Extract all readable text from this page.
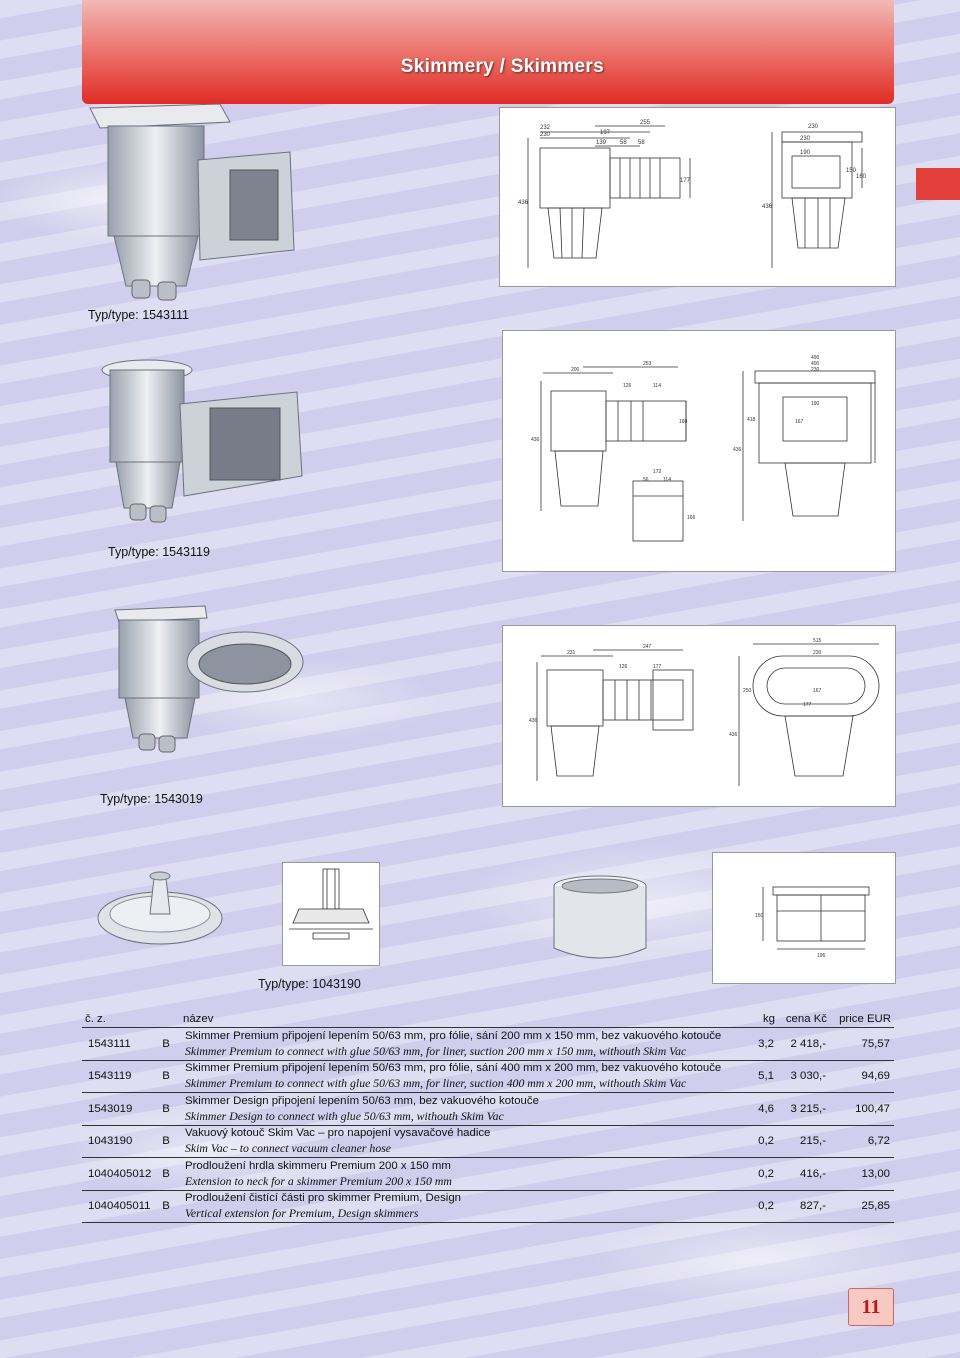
Skimmery / Skimmers
Typ/type: 1543111
232
230
255
197
139 58 58
436
177
230
230
190
150
160
436
Typ/type: 1543119
200
253
126	114
436
160
172
56	114
166
490
400
230
190
167
418
436
Typ/type: 1543019
231
247
126	177
436
515
230
167
250
177
436
150
196
Typ/type: 1043190
č. z.	název	kg cena Kč	price EUR
1543111	B
Skimmer Premium připojení lepením 50/63 mm, pro fólie, sání 200 mm x 150 mm, bez vakuového kotouče
Skimmer Premium to connect with glue 50/63 mm, for liner, suction 200 mm x 150 mm, withouth Skim Vac	3,2	2 418,-	75,57
1543119	B
Skimmer Premium připojení lepením 50/63 mm, pro fólie, sání 400 mm x 200 mm, bez vakuového kotouče
Skimmer Premium to connect with glue 50/63 mm, for liner, suction 400 mm x 200 mm, withouth Skim Vac	5,1	3 030,-	94,69
1543019	B
Skimmer Design připojení lepením 50/63 mm, bez vakuového kotouče
Skimmer Design to connect with glue 50/63 mm, withouth Skim Vac	4,6	3 215,-	100,47
1043190	B
Vakuový kotouč Skim Vac – pro napojení vysavačové hadice
Skim Vac – to connect vacuum cleaner hose	0,2	215,-	6,72
1040405012 B
Prodloužení hrdla skimmeru Premium 200 x 150 mm
Extension to neck for a skimmer Premium 200 x 150 mm	0,2	416,-	13,00
1040405011	B
Prodloužení čistící části pro skimmer Premium, Design
Vertical extension for Premium, Design skimmers	0,2	827,-	25,85
11
